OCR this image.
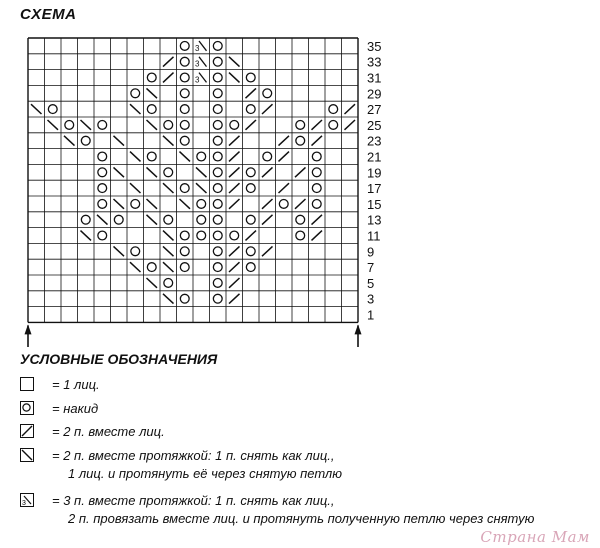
СХЕМА
3
3
3
35
33
31
29
27
25
23
21
19
17
15
13
11
9
7
5
3
1
УСЛОВНЫЕ ОБОЗНАЧЕНИЯ
= 1 лиц.
= накид
= 2 п. вместе лиц.
= 2 п. вместе протяжкой: 1 п. снять как лиц.,
1 лиц. и протянуть её через снятую петлю
3 = 3 п. вместе протяжкой: 1 п. снять как лиц.,
2 п. провязать вместе лиц. и протянуть полученную петлю через снятую
Страна Мам
